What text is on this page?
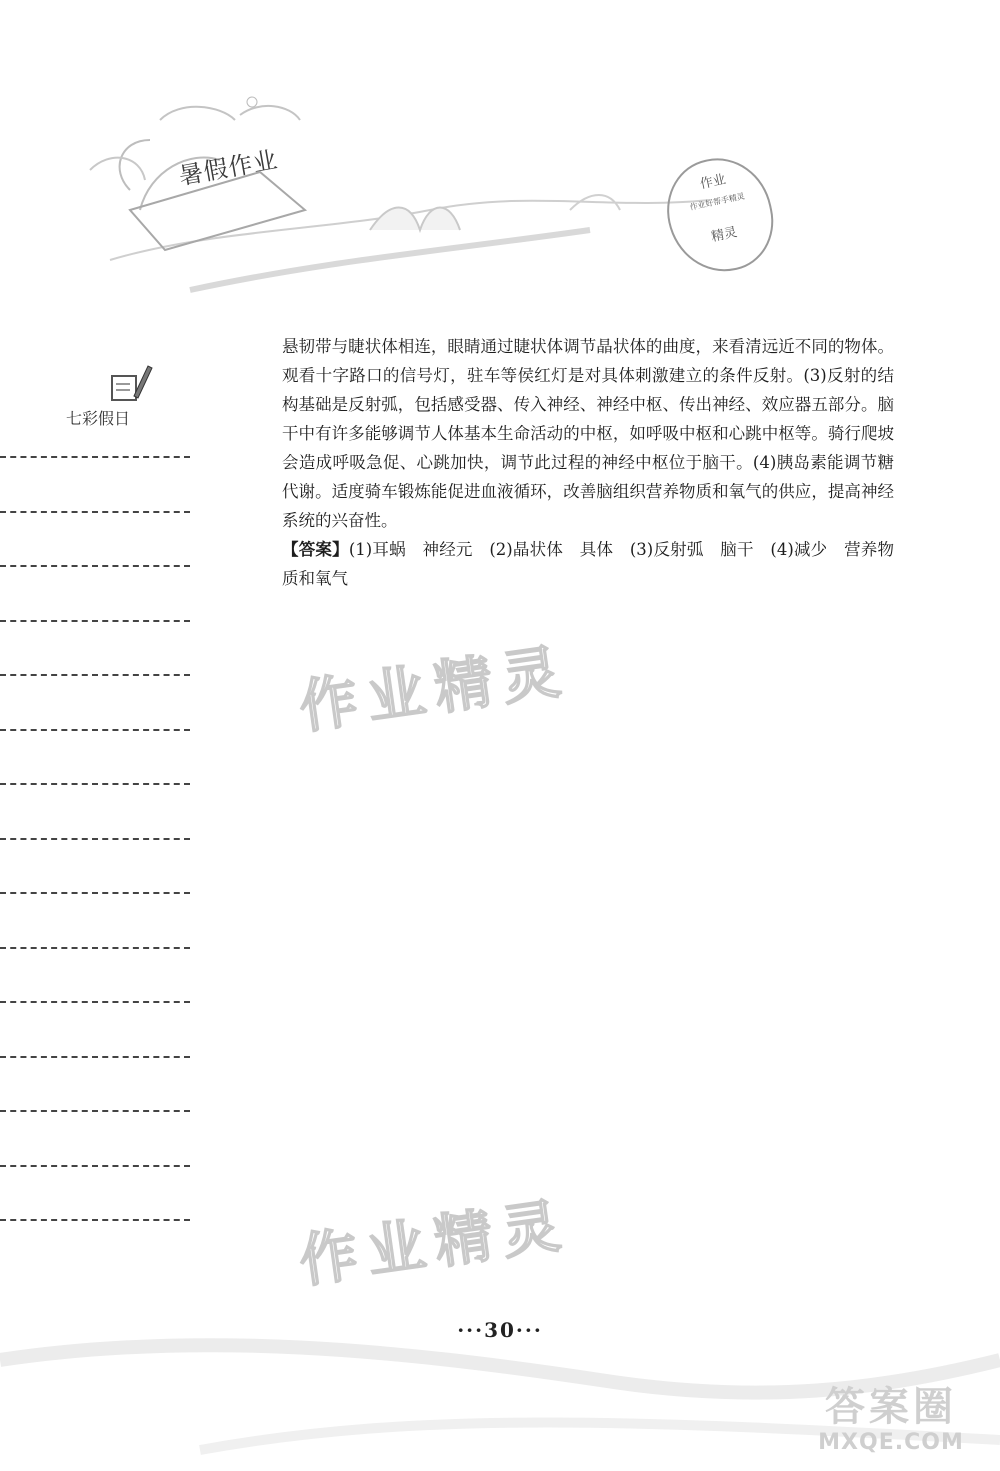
暑假作业	作业
作业好帮手精灵
精灵
七彩假日

悬韧带与睫状体相连，眼睛通过睫状体调节晶状体的曲度，来看清远近不同的物体。观看十字路口的信号灯，驻车等侯红灯是对具体刺激建立的条件反射。(3)反射的结构基础是反射弧，包括感受器、传入神经、神经中枢、传出神经、效应器五部分。脑干中有许多能够调节人体基本生命活动的中枢，如呼吸中枢和心跳中枢等。骑行爬坡会造成呼吸急促、心跳加快，调节此过程的神经中枢位于脑干。(4)胰岛素能调节糖代谢。适度骑车锻炼能促进血液循环，改善脑组织营养物质和氧气的供应，提高神经系统的兴奋性。

【答案】(1)耳蜗　神经元　(2)晶状体　具体　(3)反射弧　脑干　(4)减少　营养物质和氧气

作业精灵
作业精灵
···30···
答案圈
MXQE.COM
